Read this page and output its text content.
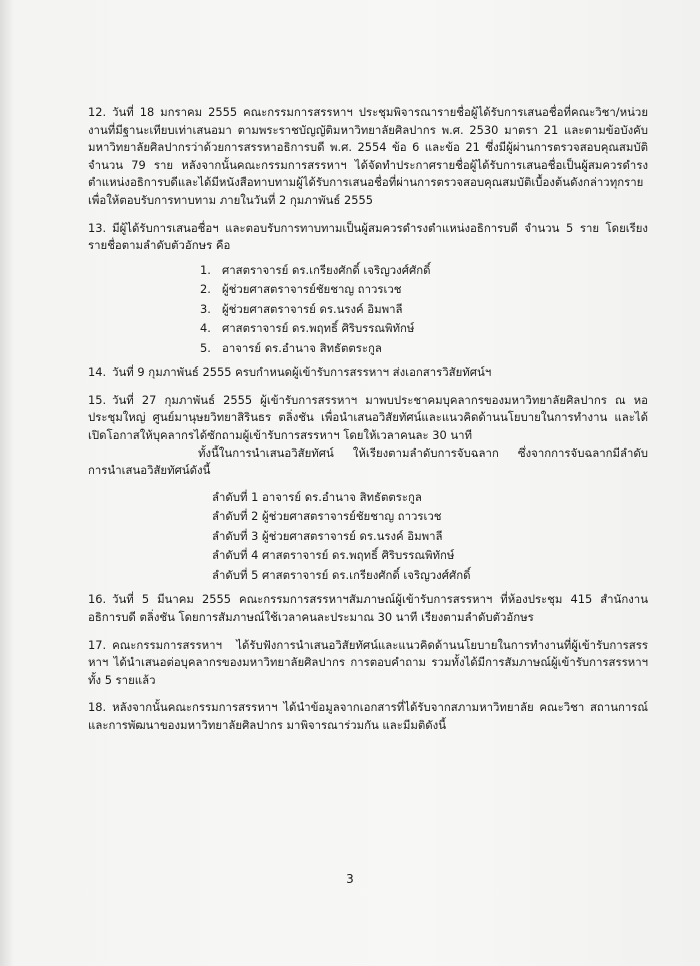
12. วันที่ 18 มกราคม 2555 คณะกรรมการสรรหาฯ ประชุมพิจารณารายชื่อผู้ได้รับการเสนอชื่อที่คณะวิชา/หน่วยงานที่มีฐานะเทียบเท่าเสนอมา ตามพระราชบัญญัติมหาวิทยาลัยศิลปากร พ.ศ. 2530 มาตรา 21 และตามข้อบังคับมหาวิทยาลัยศิลปากรว่าด้วยการสรรหาอธิการบดี พ.ศ. 2554 ข้อ 6 และข้อ 21 ซึ่งมีผู้ผ่านการตรวจสอบคุณสมบัติ จำนวน 79 ราย หลังจากนั้นคณะกรรมการสรรหาฯ ได้จัดทำประกาศรายชื่อผู้ได้รับการเสนอชื่อเป็นผู้สมควรดำรงตำแหน่งอธิการบดีและได้มีหนังสือทาบทามผู้ได้รับการเสนอชื่อที่ผ่านการตรวจสอบคุณสมบัติเบื้องต้นดังกล่าวทุกราย เพื่อให้ตอบรับการทาบทาม ภายในวันที่ 2 กุมภาพันธ์ 2555

13. มีผู้ได้รับการเสนอชื่อฯ และตอบรับการทาบทามเป็นผู้สมควรดำรงตำแหน่งอธิการบดี จำนวน 5 ราย โดยเรียงรายชื่อตามลำดับตัวอักษร คือ

1. ศาสตราจารย์ ดร.เกรียงศักดิ์ เจริญวงศ์ศักดิ์
2. ผู้ช่วยศาสตราจารย์ชัยชาญ ถาวรเวช
3. ผู้ช่วยศาสตราจารย์ ดร.นรงค์ อิมพาลี
4. ศาสตราจารย์ ดร.พฤทธิ์ ศิริบรรณพิทักษ์
5. อาจารย์ ดร.อำนาจ สิทธัตตระกูล

14. วันที่ 9 กุมภาพันธ์ 2555 ครบกำหนดผู้เข้ารับการสรรหาฯ ส่งเอกสารวิสัยทัศน์ฯ

15. วันที่ 27 กุมภาพันธ์ 2555 ผู้เข้ารับการสรรหาฯ มาพบประชาคมบุคลากรของมหาวิทยาลัยศิลปากร ณ หอประชุมใหญ่ ศูนย์มานุษยวิทยาสิรินธร ตลิ่งชัน เพื่อนำเสนอวิสัยทัศน์และแนวคิดด้านนโยบายในการทำงาน และได้เปิดโอกาสให้บุคลากรได้ซักถามผู้เข้ารับการสรรหาฯ โดยให้เวลาคนละ 30 นาที

ทั้งนี้ในการนำเสนอวิสัยทัศน์ ให้เรียงตามลำดับการจับฉลาก ซึ่งจากการจับฉลากมีลำดับการนำเสนอวิสัยทัศน์ดังนี้

ลำดับที่ 1 อาจารย์ ดร.อำนาจ สิทธัตตระกูล
ลำดับที่ 2 ผู้ช่วยศาสตราจารย์ชัยชาญ ถาวรเวช
ลำดับที่ 3 ผู้ช่วยศาสตราจารย์ ดร.นรงค์ อิมพาลี
ลำดับที่ 4 ศาสตราจารย์ ดร.พฤทธิ์ ศิริบรรณพิทักษ์
ลำดับที่ 5 ศาสตราจารย์ ดร.เกรียงศักดิ์ เจริญวงศ์ศักดิ์

16. วันที่ 5 มีนาคม 2555 คณะกรรมการสรรหาฯสัมภาษณ์ผู้เข้ารับการสรรหาฯ ที่ห้องประชุม 415 สำนักงานอธิการบดี ตลิ่งชัน โดยการสัมภาษณ์ใช้เวลาคนละประมาณ 30 นาที เรียงตามลำดับตัวอักษร

17. คณะกรรมการสรรหาฯ ได้รับฟังการนำเสนอวิสัยทัศน์และแนวคิดด้านนโยบายในการทำงานที่ผู้เข้ารับการสรรหาฯ ได้นำเสนอต่อบุคลากรของมหาวิทยาลัยศิลปากร การตอบคำถาม รวมทั้งได้มีการสัมภาษณ์ผู้เข้ารับการสรรหาฯ ทั้ง 5 รายแล้ว

18. หลังจากนั้นคณะกรรมการสรรหาฯ ได้นำข้อมูลจากเอกสารที่ได้รับจากสภามหาวิทยาลัย คณะวิชา สถานการณ์และการพัฒนาของมหาวิทยาลัยศิลปากร มาพิจารณาร่วมกัน และมีมติดังนี้

3
